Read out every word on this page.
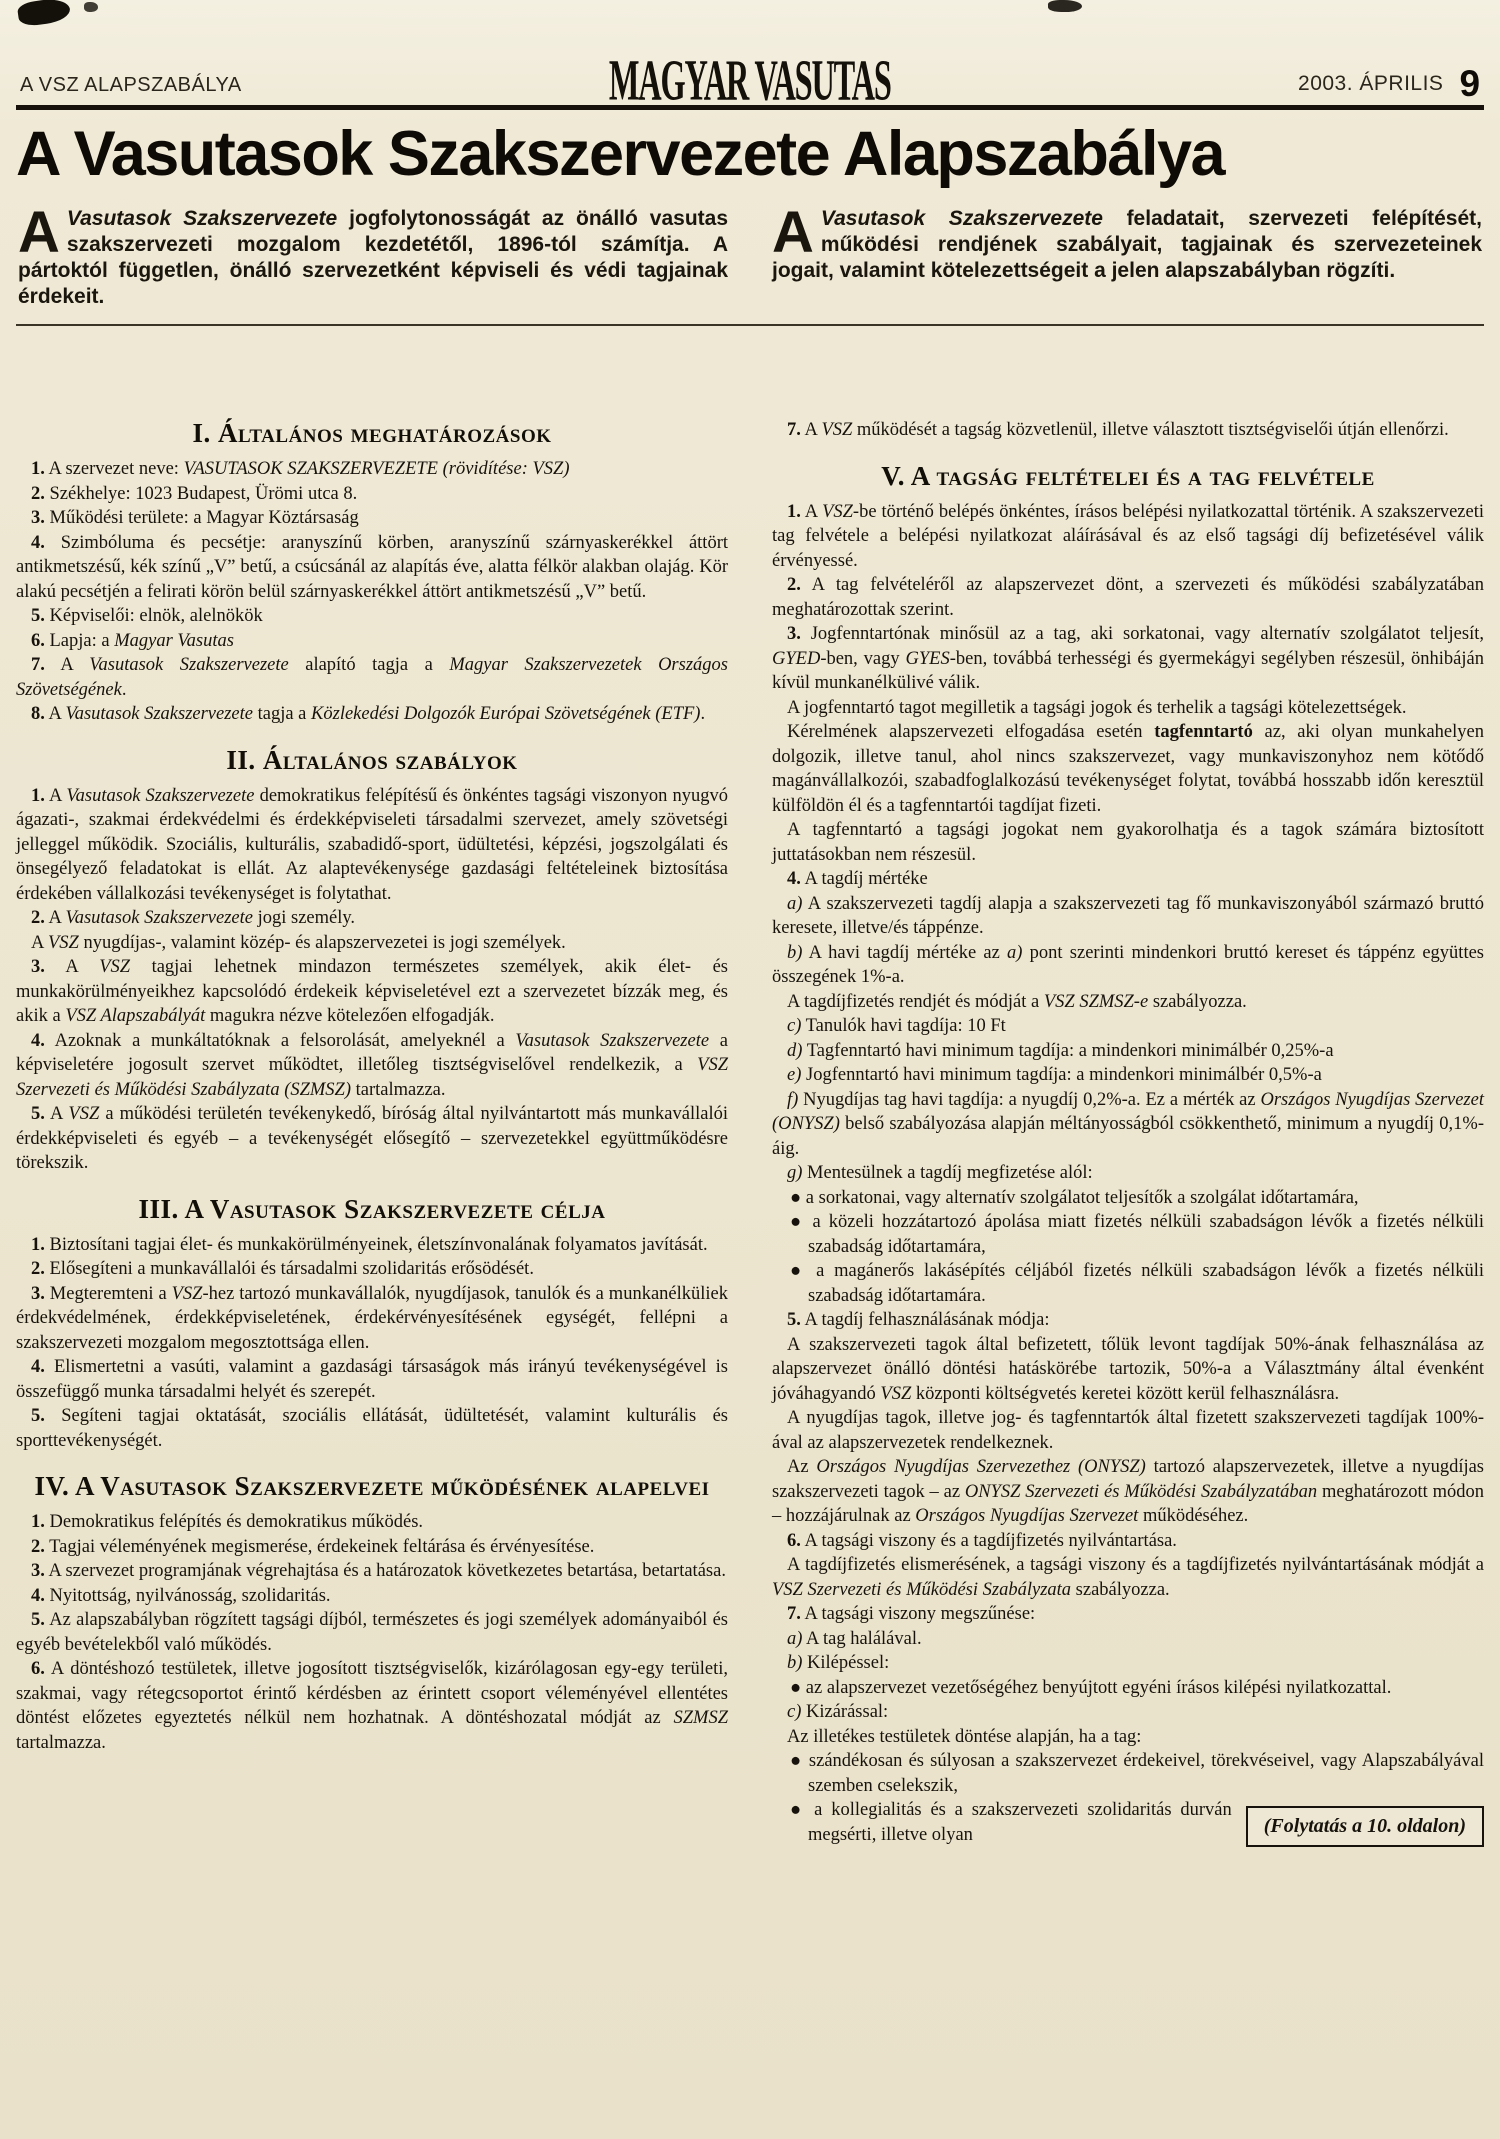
A VSZ ALAPSZABÁLYA	MAGYAR VASUTAS	2003. ÁPRILIS 9
A Vasutasok Szakszervezete Alapszabálya
A Vasutasok Szakszervezete jogfolytonosságát az önálló vasutas szakszervezeti mozgalom kezdetétől, 1896-tól számítja. A pártoktól független, önálló szervezetként képviseli és védi tagjainak érdekeit.
A Vasutasok Szakszervezete feladatait, szervezeti felépítését, működési rendjének szabályait, tagjainak és szervezeteinek jogait, valamint kötelezettségeit a jelen alapszabályban rögzíti.
I. Általános meghatározások

1. A szervezet neve: VASUTASOK SZAKSZERVEZETE (rövidítése: VSZ)

2. Székhelye: 1023 Budapest, Ürömi utca 8.

3. Működési területe: a Magyar Köztársaság

4. Szimbóluma és pecsétje: aranyszínű körben, aranyszínű szárnyaskerékkel áttört antikmetszésű, kék színű „V” betű, a csúcsánál az alapítás éve, alatta félkör alakban olajág. Kör alakú pecsétjén a felirati körön belül szárnyaskerékkel áttört antikmetszésű „V” betű.

5. Képviselői: elnök, alelnökök

6. Lapja: a Magyar Vasutas

7. A Vasutasok Szakszervezete alapító tagja a Magyar Szakszervezetek Országos Szövetségének.

8. A Vasutasok Szakszervezete tagja a Közlekedési Dolgozók Európai Szövetségének (ETF).

II. Általános szabályok

1. A Vasutasok Szakszervezete demokratikus felépítésű és önkéntes tagsági viszonyon nyugvó ágazati-, szakmai érdekvédelmi és érdekképviseleti társadalmi szervezet, amely szövetségi jelleggel működik. Szociális, kulturális, szabadidő-sport, üdültetési, képzési, jogszolgálati és önsegélyező feladatokat is ellát. Az alaptevékenysége gazdasági feltételeinek biztosítása érdekében vállalkozási tevékenységet is folytathat.

2. A Vasutasok Szakszervezete jogi személy.

A VSZ nyugdíjas-, valamint közép- és alapszervezetei is jogi személyek.

3. A VSZ tagjai lehetnek mindazon természetes személyek, akik élet- és munkakörülményeikhez kapcsolódó érdekeik képviseletével ezt a szervezetet bízzák meg, és akik a VSZ Alapszabályát magukra nézve kötelezően elfogadják.

4. Azoknak a munkáltatóknak a felsorolását, amelyeknél a Vasutasok Szakszervezete a képviseletére jogosult szervet működtet, illetőleg tisztségviselővel rendelkezik, a VSZ Szervezeti és Működési Szabályzata (SZMSZ) tartalmazza.

5. A VSZ a működési területén tevékenykedő, bíróság által nyilvántartott más munkavállalói érdekképviseleti és egyéb – a tevékenységét elősegítő – szervezetekkel együttműködésre törekszik.

III. A Vasutasok Szakszervezete célja

1. Biztosítani tagjai élet- és munkakörülményeinek, életszínvonalának folyamatos javítását.

2. Elősegíteni a munkavállalói és társadalmi szolidaritás erősödését.

3. Megteremteni a VSZ-hez tartozó munkavállalók, nyugdíjasok, tanulók és a munkanélküliek érdekvédelmének, érdekképviseletének, érdekérvényesítésének egységét, fellépni a szakszervezeti mozgalom megosztottsága ellen.

4. Elismertetni a vasúti, valamint a gazdasági társaságok más irányú tevékenységével is összefüggő munka társadalmi helyét és szerepét.

5. Segíteni tagjai oktatását, szociális ellátását, üdültetését, valamint kulturális és sporttevékenységét.

IV. A Vasutasok Szakszervezete működésének alapelvei

1. Demokratikus felépítés és demokratikus működés.

2. Tagjai véleményének megismerése, érdekeinek feltárása és érvényesítése.

3. A szervezet programjának végrehajtása és a határozatok következetes betartása, betartatása.

4. Nyitottság, nyilvánosság, szolidaritás.

5. Az alapszabályban rögzített tagsági díjból, természetes és jogi személyek adományaiból és egyéb bevételekből való működés.

6. A döntéshozó testületek, illetve jogosított tisztségviselők, kizárólagosan egy-egy területi, szakmai, vagy rétegcsoportot érintő kérdésben az érintett csoport véleményével ellentétes döntést előzetes egyeztetés nélkül nem hozhatnak. A döntéshozatal módját az SZMSZ tartalmazza.

7. A VSZ működését a tagság közvetlenül, illetve választott tisztségviselői útján ellenőrzi.

V. A tagság feltételei és a tag felvétele

1. A VSZ-be történő belépés önkéntes, írásos belépési nyilatkozattal történik. A szakszervezeti tag felvétele a belépési nyilatkozat aláírásával és az első tagsági díj befizetésével válik érvényessé.

2. A tag felvételéről az alapszervezet dönt, a szervezeti és működési szabályzatában meghatározottak szerint.

3. Jogfenntartónak minősül az a tag, aki sorkatonai, vagy alternatív szolgálatot teljesít, GYED-ben, vagy GYES-ben, továbbá terhességi és gyermekágyi segélyben részesül, önhibáján kívül munkanélkülivé válik.

A jogfenntartó tagot megilletik a tagsági jogok és terhelik a tagsági kötelezettségek.

Kérelmének alapszervezeti elfogadása esetén tagfenntartó az, aki olyan munkahelyen dolgozik, illetve tanul, ahol nincs szakszervezet, vagy munkaviszonyhoz nem kötődő magánvállalkozói, szabadfoglalkozású tevékenységet folytat, továbbá hosszabb időn keresztül külföldön él és a tagfenntartói tagdíjat fizeti.

A tagfenntartó a tagsági jogokat nem gyakorolhatja és a tagok számára biztosított juttatásokban nem részesül.

4. A tagdíj mértéke

a) A szakszervezeti tagdíj alapja a szakszervezeti tag fő munkaviszonyából származó bruttó keresete, illetve/és táppénze.

b) A havi tagdíj mértéke az a) pont szerinti mindenkori bruttó kereset és táppénz együttes összegének 1%-a.

A tagdíjfizetés rendjét és módját a VSZ SZMSZ-e szabályozza.

c) Tanulók havi tagdíja: 10 Ft

d) Tagfenntartó havi minimum tagdíja: a mindenkori minimálbér 0,25%-a

e) Jogfenntartó havi minimum tagdíja: a mindenkori minimálbér 0,5%-a

f) Nyugdíjas tag havi tagdíja: a nyugdíj 0,2%-a. Ez a mérték az Országos Nyugdíjas Szervezet (ONYSZ) belső szabályozása alapján méltányosságból csökkenthető, minimum a nyugdíj 0,1%-áig.

g) Mentesülnek a tagdíj megfizetése alól:

● a sorkatonai, vagy alternatív szolgálatot teljesítők a szolgálat időtartamára,

● a közeli hozzátartozó ápolása miatt fizetés nélküli szabadságon lévők a fizetés nélküli szabadság időtartamára,

● a magánerős lakásépítés céljából fizetés nélküli szabadságon lévők a fizetés nélküli szabadság időtartamára.

5. A tagdíj felhasználásának módja:

A szakszervezeti tagok által befizetett, tőlük levont tagdíjak 50%-ának felhasználása az alapszervezet önálló döntési hatáskörébe tartozik, 50%-a a Választmány által évenként jóváhagyandó VSZ központi költségvetés keretei között kerül felhasználásra.

A nyugdíjas tagok, illetve jog- és tagfenntartók által fizetett szakszervezeti tagdíjak 100%-ával az alapszervezetek rendelkeznek.

Az Országos Nyugdíjas Szervezethez (ONYSZ) tartozó alapszervezetek, illetve a nyugdíjas szakszervezeti tagok – az ONYSZ Szervezeti és Működési Szabályzatában meghatározott módon – hozzájárulnak az Országos Nyugdíjas Szervezet működéséhez.

6. A tagsági viszony és a tagdíjfizetés nyilvántartása.

A tagdíjfizetés elismerésének, a tagsági viszony és a tagdíjfizetés nyilvántartásának módját a VSZ Szervezeti és Működési Szabályzata szabályozza.

7. A tagsági viszony megszűnése:

a) A tag halálával.

b) Kilépéssel:

● az alapszervezet vezetőségéhez benyújtott egyéni írásos kilépési nyilatkozattal.

c) Kizárással:

Az illetékes testületek döntése alapján, ha a tag:

● szándékosan és súlyosan a szakszervezet érdekeivel, törekvéseivel, vagy Alapszabályával szemben cselekszik,

(Folytatás a 10. oldalon)

● a kollegialitás és a szakszervezeti szolidaritás durván megsérti, illetve olyan
